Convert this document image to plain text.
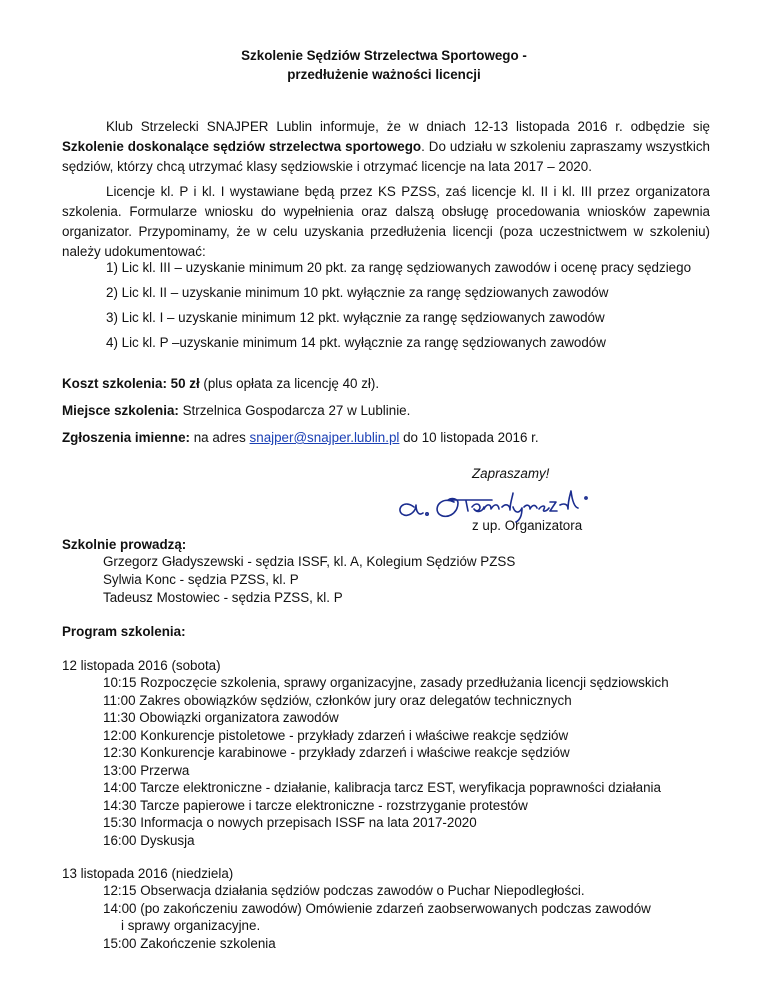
Szkolenie Sędziów Strzelectwa Sportowego -
przedłużenie ważności licencji

Klub Strzelecki SNAJPER Lublin informuje, że w dniach 12-13 listopada 2016 r. odbędzie się Szkolenie doskonalące sędziów strzelectwa sportowego. Do udziału w szkoleniu zapraszamy wszystkich sędziów, którzy chcą utrzymać klasy sędziowskie i otrzymać licencje na lata 2017 – 2020.

Licencje kl. P i kl. I wystawiane będą przez KS PZSS, zaś licencje kl. II i kl. III przez organizatora szkolenia. Formularze wniosku do wypełnienia oraz dalszą obsługę procedowania wniosków zapewnia organizator. Przypominamy, że w celu uzyskania przedłużenia licencji (poza uczestnictwem w szkoleniu) należy udokumentować:

1) Lic kl. III – uzyskanie minimum 20 pkt. za rangę sędziowanych zawodów i ocenę pracy sędziego
2) Lic kl. II – uzyskanie minimum 10 pkt. wyłącznie za rangę sędziowanych zawodów
3) Lic kl. I – uzyskanie minimum 12 pkt. wyłącznie za rangę sędziowanych zawodów
4) Lic kl. P –uzyskanie minimum 14 pkt. wyłącznie za rangę sędziowanych zawodów
Koszt szkolenia: 50 zł (plus opłata za licencję 40 zł).
Miejsce szkolenia: Strzelnica Gospodarcza 27 w Lublinie.
Zgłoszenia imienne: na adres snajper@snajper.lublin.pl do 10 listopada 2016 r.
Zapraszamy!
z up. Organizatora
Szkolnie prowadzą:
Grzegorz Gładyszewski - sędzia ISSF, kl. A, Kolegium Sędziów PZSS
Sylwia Konc - sędzia PZSS, kl. P
Tadeusz Mostowiec - sędzia PZSS, kl. P
Program szkolenia:
12 listopada 2016 (sobota)
10:15 Rozpoczęcie szkolenia, sprawy organizacyjne, zasady przedłużania licencji sędziowskich
11:00 Zakres obowiązków sędziów, członków jury oraz delegatów technicznych
11:30 Obowiązki organizatora zawodów
12:00 Konkurencje pistoletowe - przykłady zdarzeń i właściwe reakcje sędziów
12:30 Konkurencje karabinowe - przykłady zdarzeń i właściwe reakcje sędziów
13:00 Przerwa
14:00 Tarcze elektroniczne - działanie, kalibracja tarcz EST, weryfikacja poprawności działania
14:30 Tarcze papierowe i tarcze elektroniczne - rozstrzyganie protestów
15:30 Informacja o nowych przepisach ISSF na lata 2017-2020
16:00 Dyskusja
13 listopada 2016 (niedziela)
12:15 Obserwacja działania sędziów podczas zawodów o Puchar Niepodległości.
14:00 (po zakończeniu zawodów) Omówienie zdarzeń zaobserwowanych podczas zawodów
i sprawy organizacyjne.
15:00 Zakończenie szkolenia
